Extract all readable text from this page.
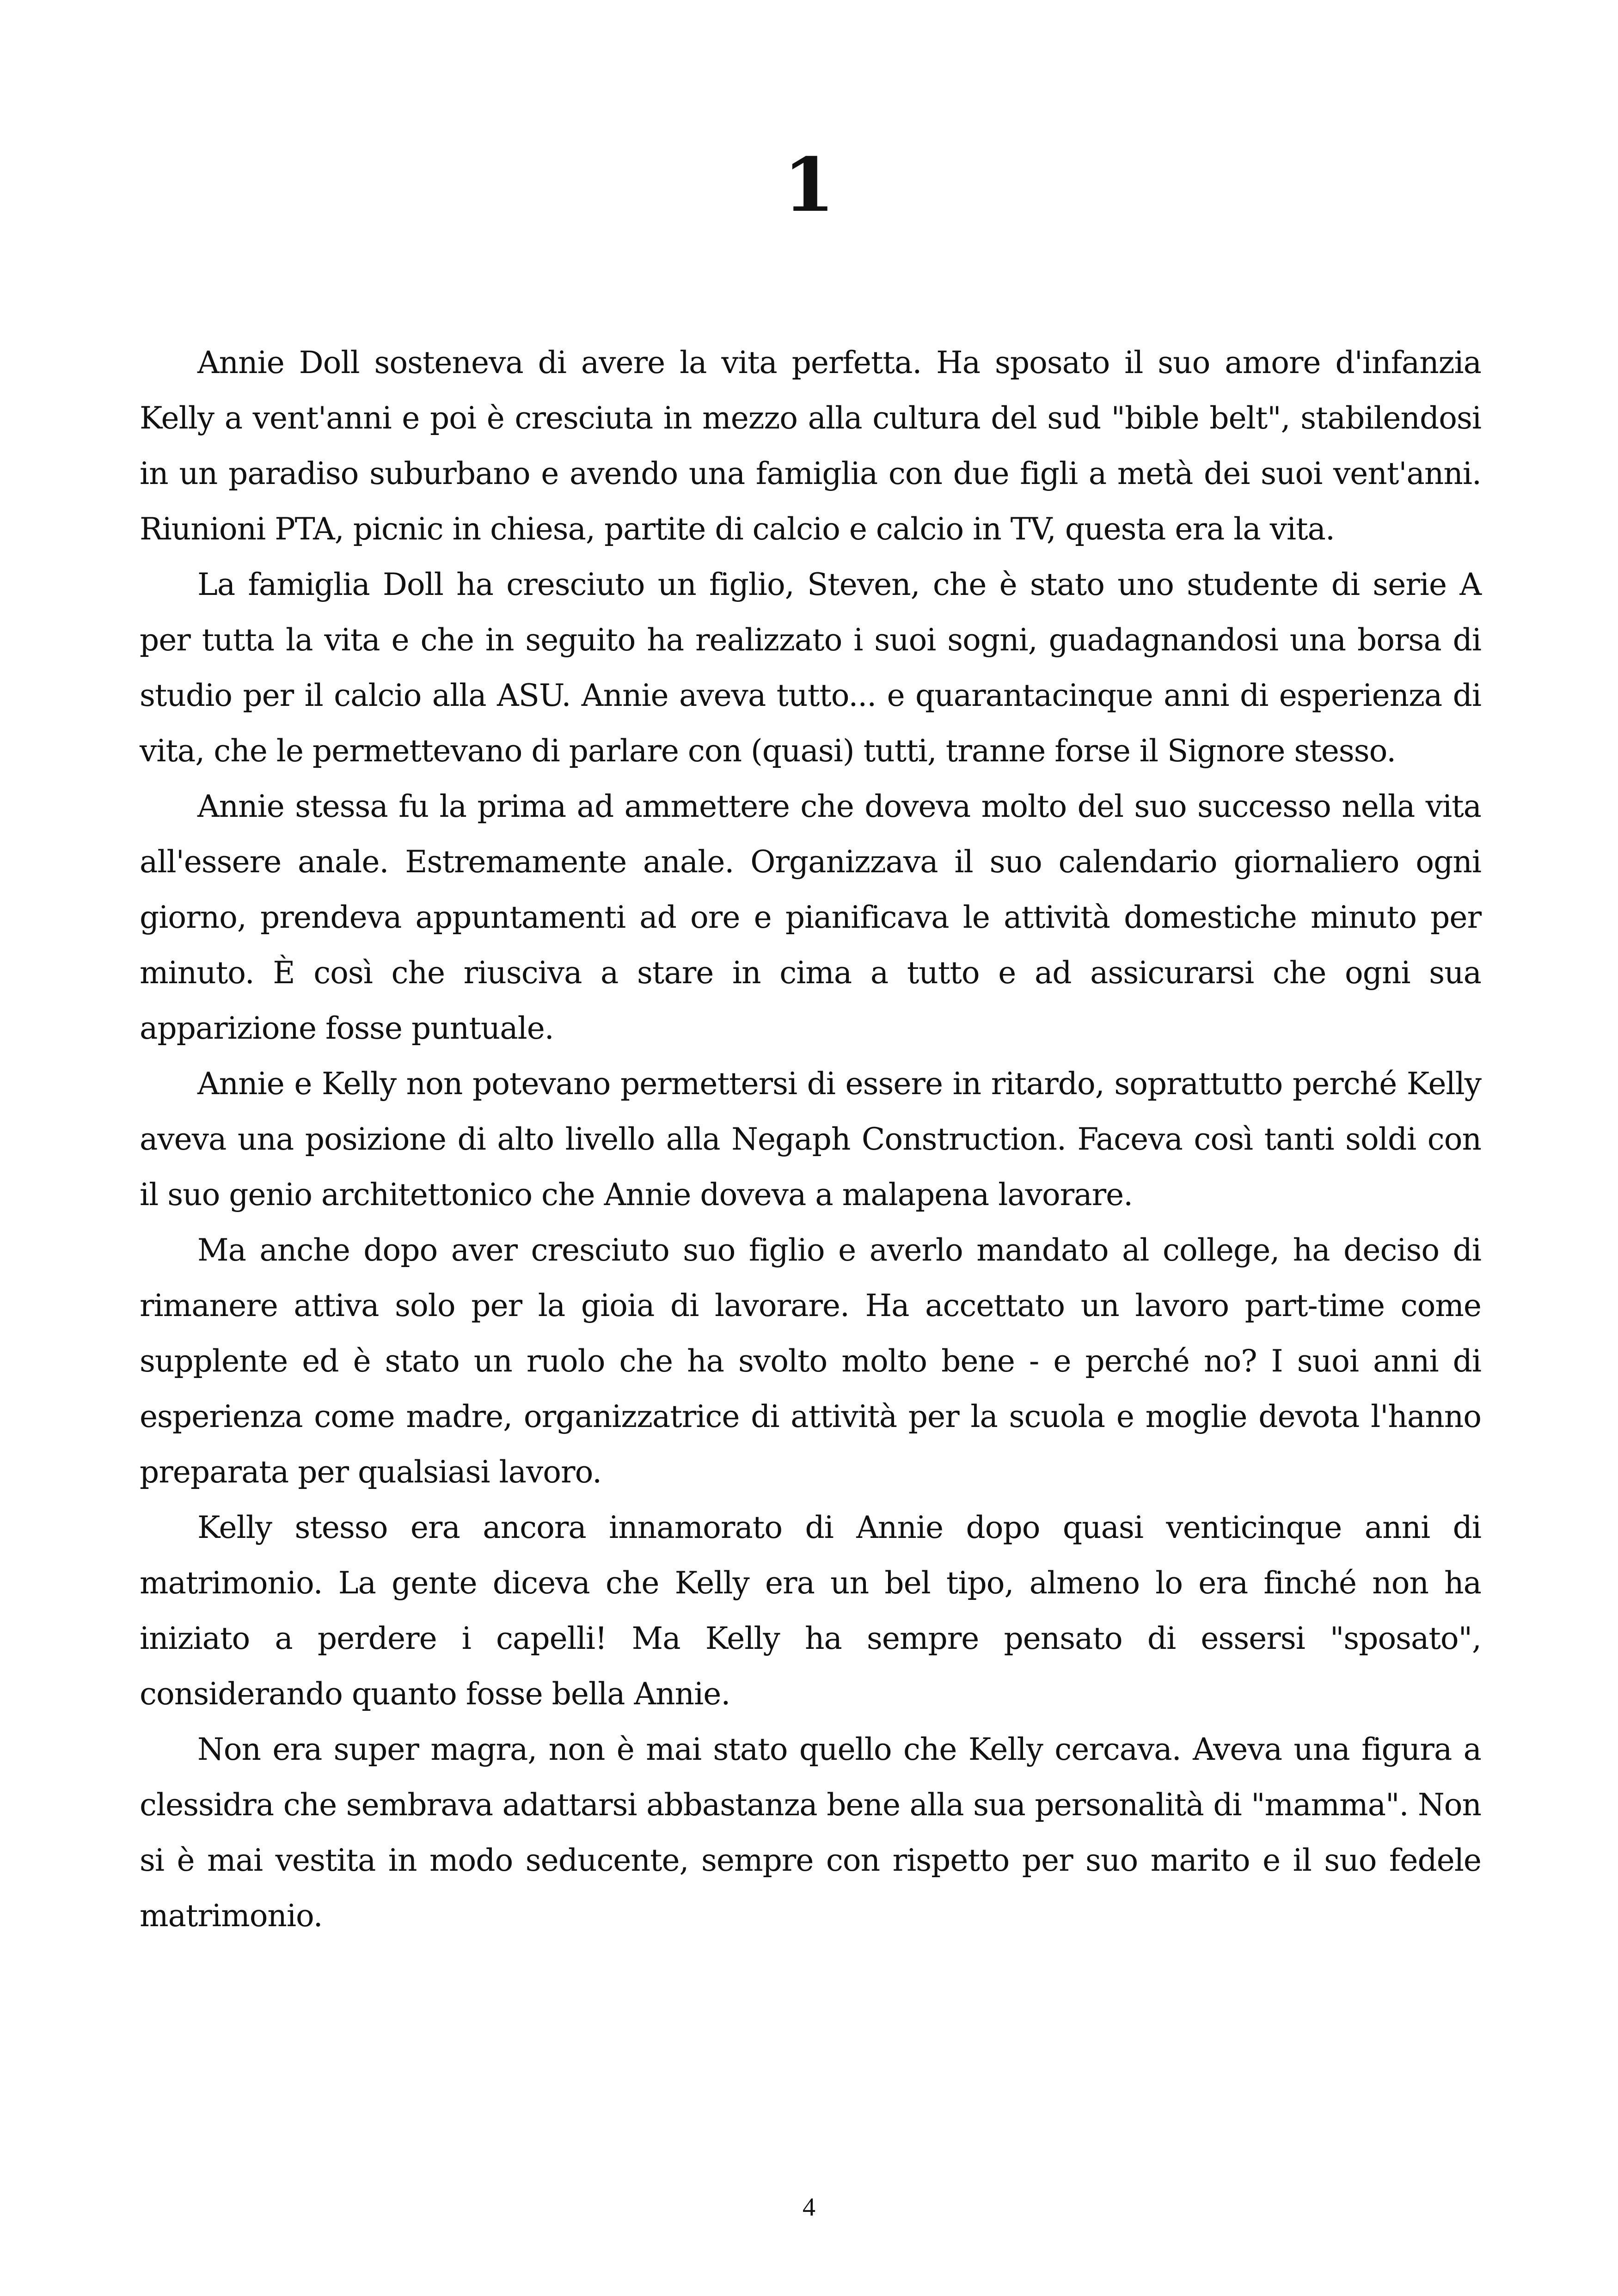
1

Annie Doll sosteneva di avere la vita perfetta. Ha sposato il suo amore d'infanzia Kelly a vent'anni e poi è cresciuta in mezzo alla cultura del sud "bible belt", stabilendosi in un paradiso suburbano e avendo una famiglia con due figli a metà dei suoi vent'anni. Riunioni PTA, picnic in chiesa, partite di calcio e calcio in TV, questa era la vita.

La famiglia Doll ha cresciuto un figlio, Steven, che è stato uno studente di serie A per tutta la vita e che in seguito ha realizzato i suoi sogni, guadagnandosi una borsa di studio per il calcio alla ASU. Annie aveva tutto... e quarantacinque anni di esperienza di vita, che le permettevano di parlare con (quasi) tutti, tranne forse il Signore stesso.

Annie stessa fu la prima ad ammettere che doveva molto del suo successo nella vita all'essere anale. Estremamente anale. Organizzava il suo calendario giornaliero ogni giorno, prendeva appuntamenti ad ore e pianificava le attività domestiche minuto per minuto. È così che riusciva a stare in cima a tutto e ad assicurarsi che ogni sua apparizione fosse puntuale.

Annie e Kelly non potevano permettersi di essere in ritardo, soprattutto perché Kelly aveva una posizione di alto livello alla Negaph Construction. Faceva così tanti soldi con il suo genio architettonico che Annie doveva a malapena lavorare.

Ma anche dopo aver cresciuto suo figlio e averlo mandato al college, ha deciso di rimanere attiva solo per la gioia di lavorare. Ha accettato un lavoro part-time come supplente ed è stato un ruolo che ha svolto molto bene - e perché no? I suoi anni di esperienza come madre, organizzatrice di attività per la scuola e moglie devota l'hanno preparata per qualsiasi lavoro.

Kelly stesso era ancora innamorato di Annie dopo quasi venticinque anni di matrimonio. La gente diceva che Kelly era un bel tipo, almeno lo era finché non ha iniziato a perdere i capelli! Ma Kelly ha sempre pensato di essersi "sposato", considerando quanto fosse bella Annie.

Non era super magra, non è mai stato quello che Kelly cercava. Aveva una figura a clessidra che sembrava adattarsi abbastanza bene alla sua personalità di "mamma". Non si è mai vestita in modo seducente, sempre con rispetto per suo marito e il suo fedele matrimonio.

4
